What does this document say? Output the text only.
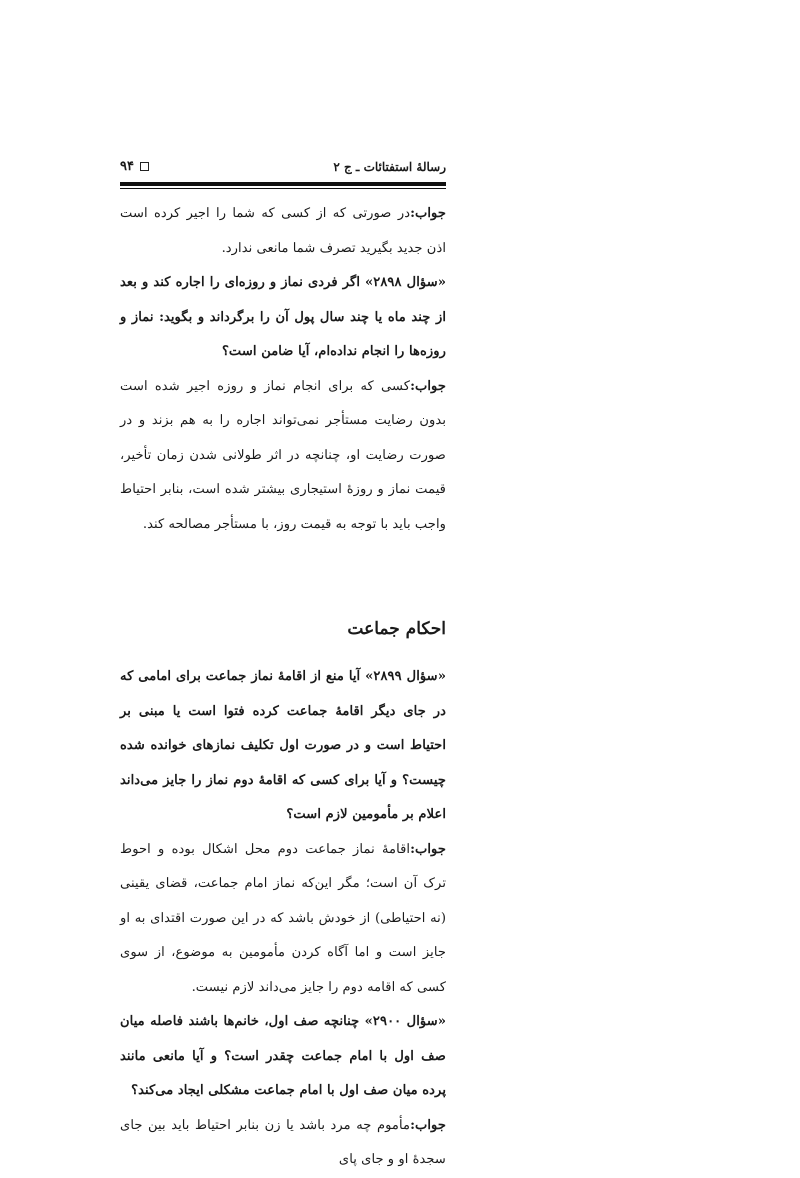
رسالهٔ استفتائات ـ ج ۲
۹۴

جواب:در صورتی که از کسی که شما را اجیر کرده است اذن جدید بگیرید تصرف شما مانعی ندارد.

«سؤال ۲۸۹۸» اگر فردی نماز و روزه‌ای را اجاره کند و بعد از چند ماه یا چند سال پول آن را برگرداند و بگوید: نماز و روزه‌ها را انجام نداده‌ام، آیا ضامن است؟

جواب:کسی که برای انجام نماز و روزه اجیر شده است بدون رضایت مستأجر نمی‌تواند اجاره را به هم بزند و در صورت رضایت او، چنانچه در اثر طولانی شدن زمان تأخیر، قیمت نماز و روزهٔ استیجاری بیشتر شده است، بنابر احتیاط واجب باید با توجه به قیمت روز، با مستأجر مصالحه کند.

احکام جماعت

«سؤال ۲۸۹۹» آیا منع از اقامهٔ نماز جماعت برای امامی که در جای دیگر اقامهٔ جماعت کرده فتوا است یا مبنی بر احتیاط است و در صورت اول تکلیف نمازهای خوانده شده چیست؟ و آیا برای کسی که اقامهٔ دوم نماز را جایز می‌داند اعلام بر مأمومین لازم است؟

جواب:اقامهٔ نماز جماعت دوم محل اشکال بوده و احوط ترک آن است؛ مگر این‌که نماز امام جماعت، قضای یقینی (نه احتیاطی) از خودش باشد که در این صورت اقتدای به او جایز است و اما آگاه کردن مأمومین به موضوع، از سوی کسی که اقامه دوم را جایز می‌داند لازم نیست.

«سؤال ۲۹۰۰» چنانچه صف اول، خانم‌ها باشند فاصله میان صف اول با امام جماعت چقدر است؟ و آیا مانعی مانند پرده میان صف اول با امام جماعت مشکلی ایجاد می‌کند؟

جواب:مأموم چه مرد باشد یا زن بنابر احتیاط باید بین جای سجدهٔ او و جای پای
